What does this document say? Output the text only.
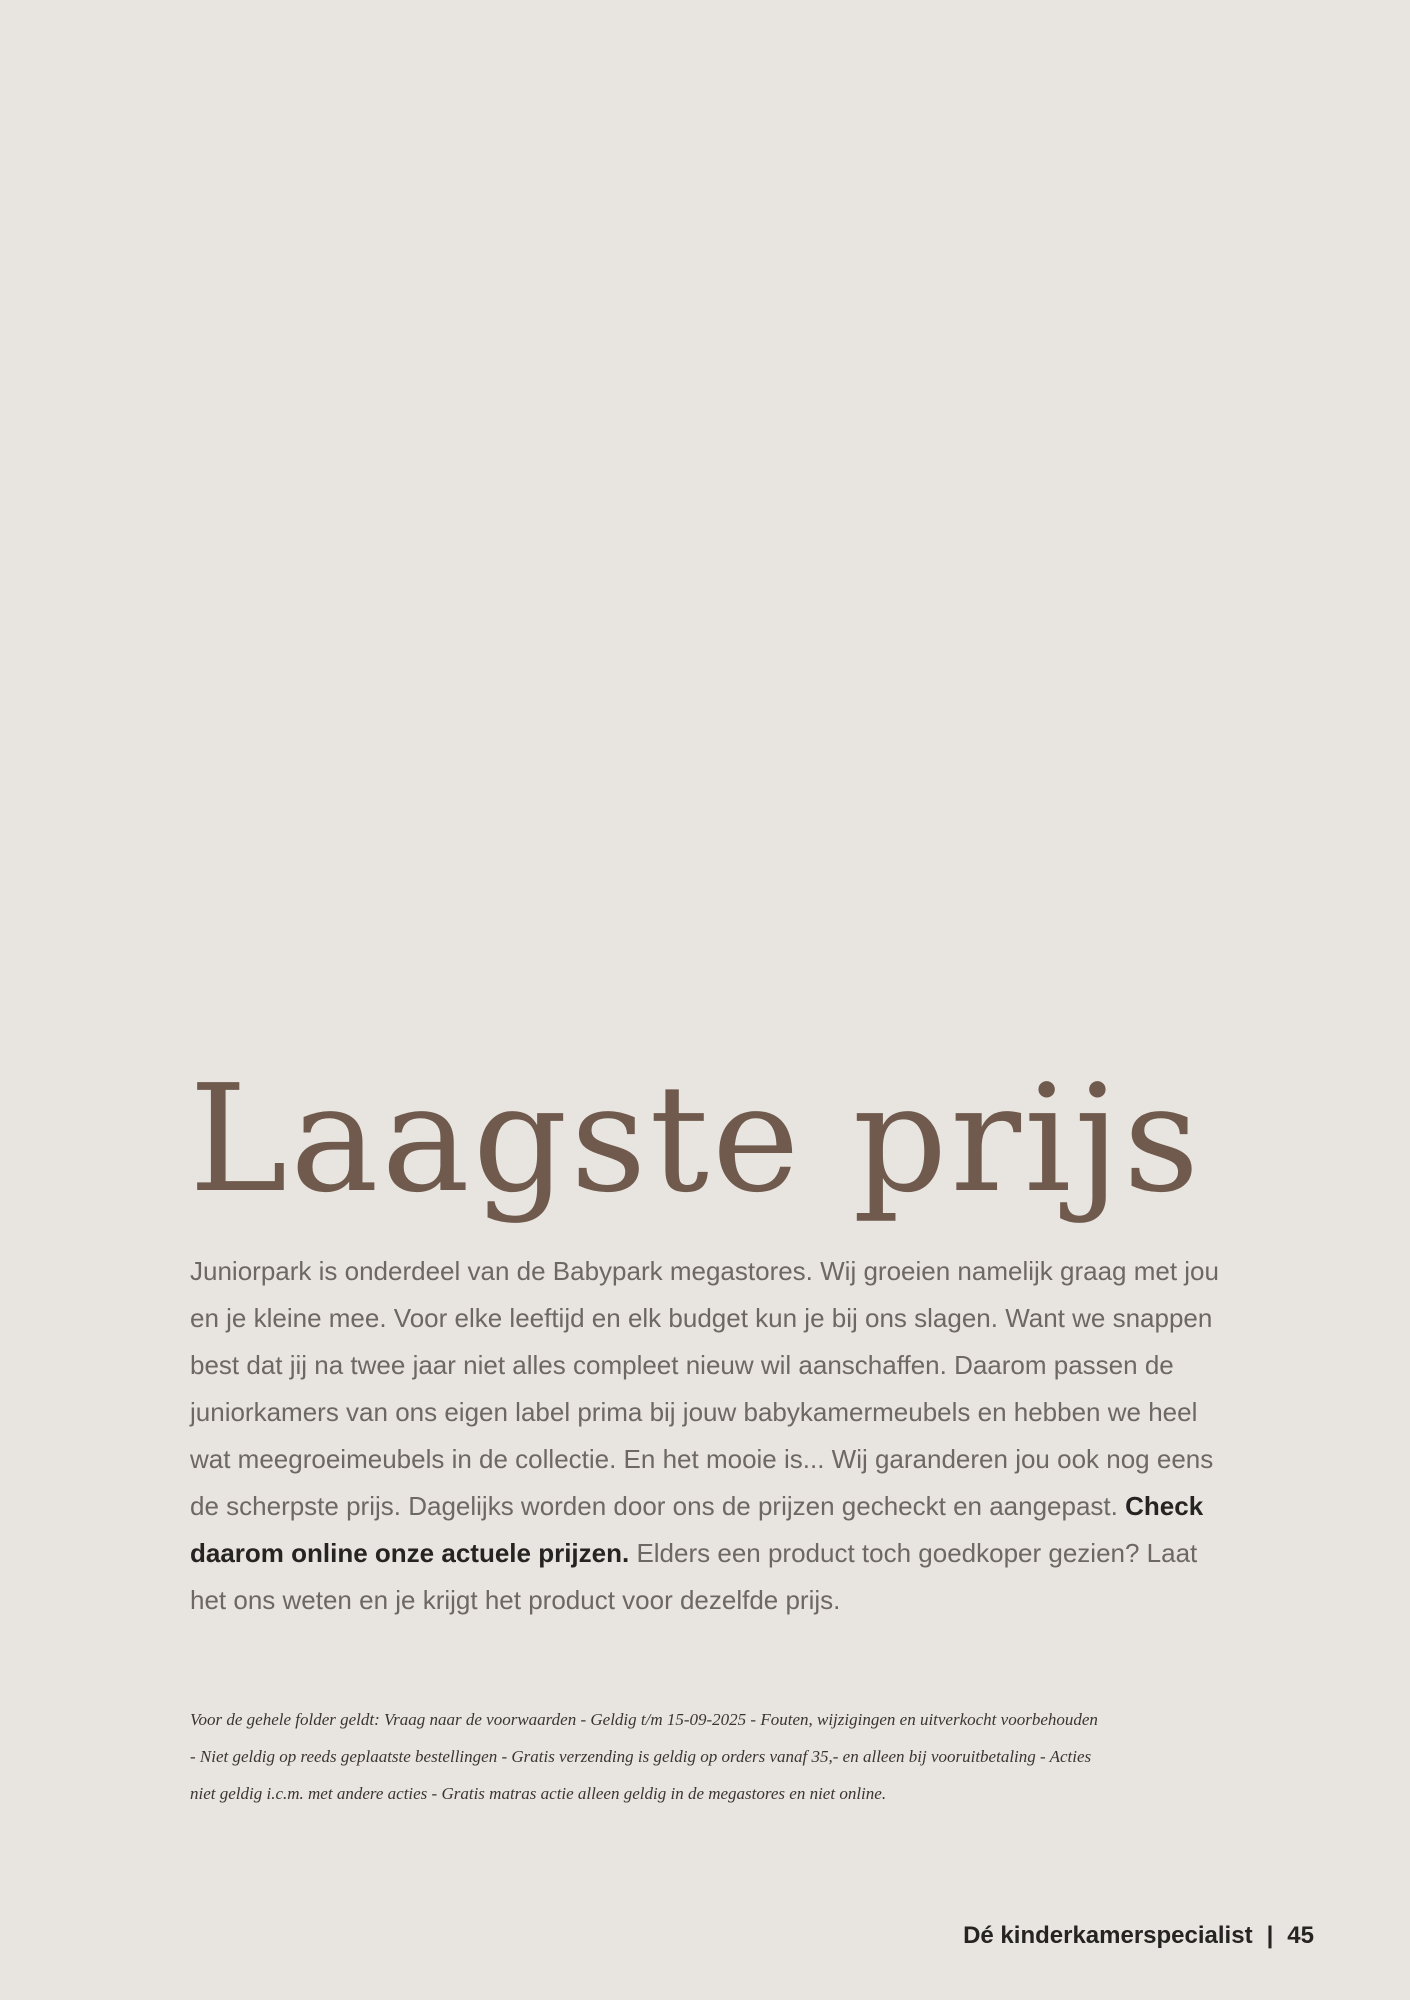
Laagste prijs

Juniorpark is onderdeel van de Babypark megastores. Wij groeien namelijk graag met jou en je kleine mee. Voor elke leeftijd en elk budget kun je bij ons slagen. Want we snappen best dat jij na twee jaar niet alles compleet nieuw wil aanschaffen. Daarom passen de juniorkamers van ons eigen label prima bij jouw babykamermeubels en hebben we heel wat meegroeimeubels in de collectie. En het mooie is... Wij garanderen jou ook nog eens de scherpste prijs. Dagelijks worden door ons de prijzen gecheckt en aangepast. Check daarom online onze actuele prijzen. Elders een product toch goedkoper gezien? Laat het ons weten en je krijgt het product voor dezelfde prijs.

Voor de gehele folder geldt: Vraag naar de voorwaarden - Geldig t/m 15-09-2025 - Fouten, wijzigingen en uitverkocht voorbehouden
- Niet geldig op reeds geplaatste bestellingen - Gratis verzending is geldig op orders vanaf 35,- en alleen bij vooruitbetaling - Acties
niet geldig i.c.m. met andere acties - Gratis matras actie alleen geldig in de megastores en niet online.

Dé kinderkamerspecialist | 45
